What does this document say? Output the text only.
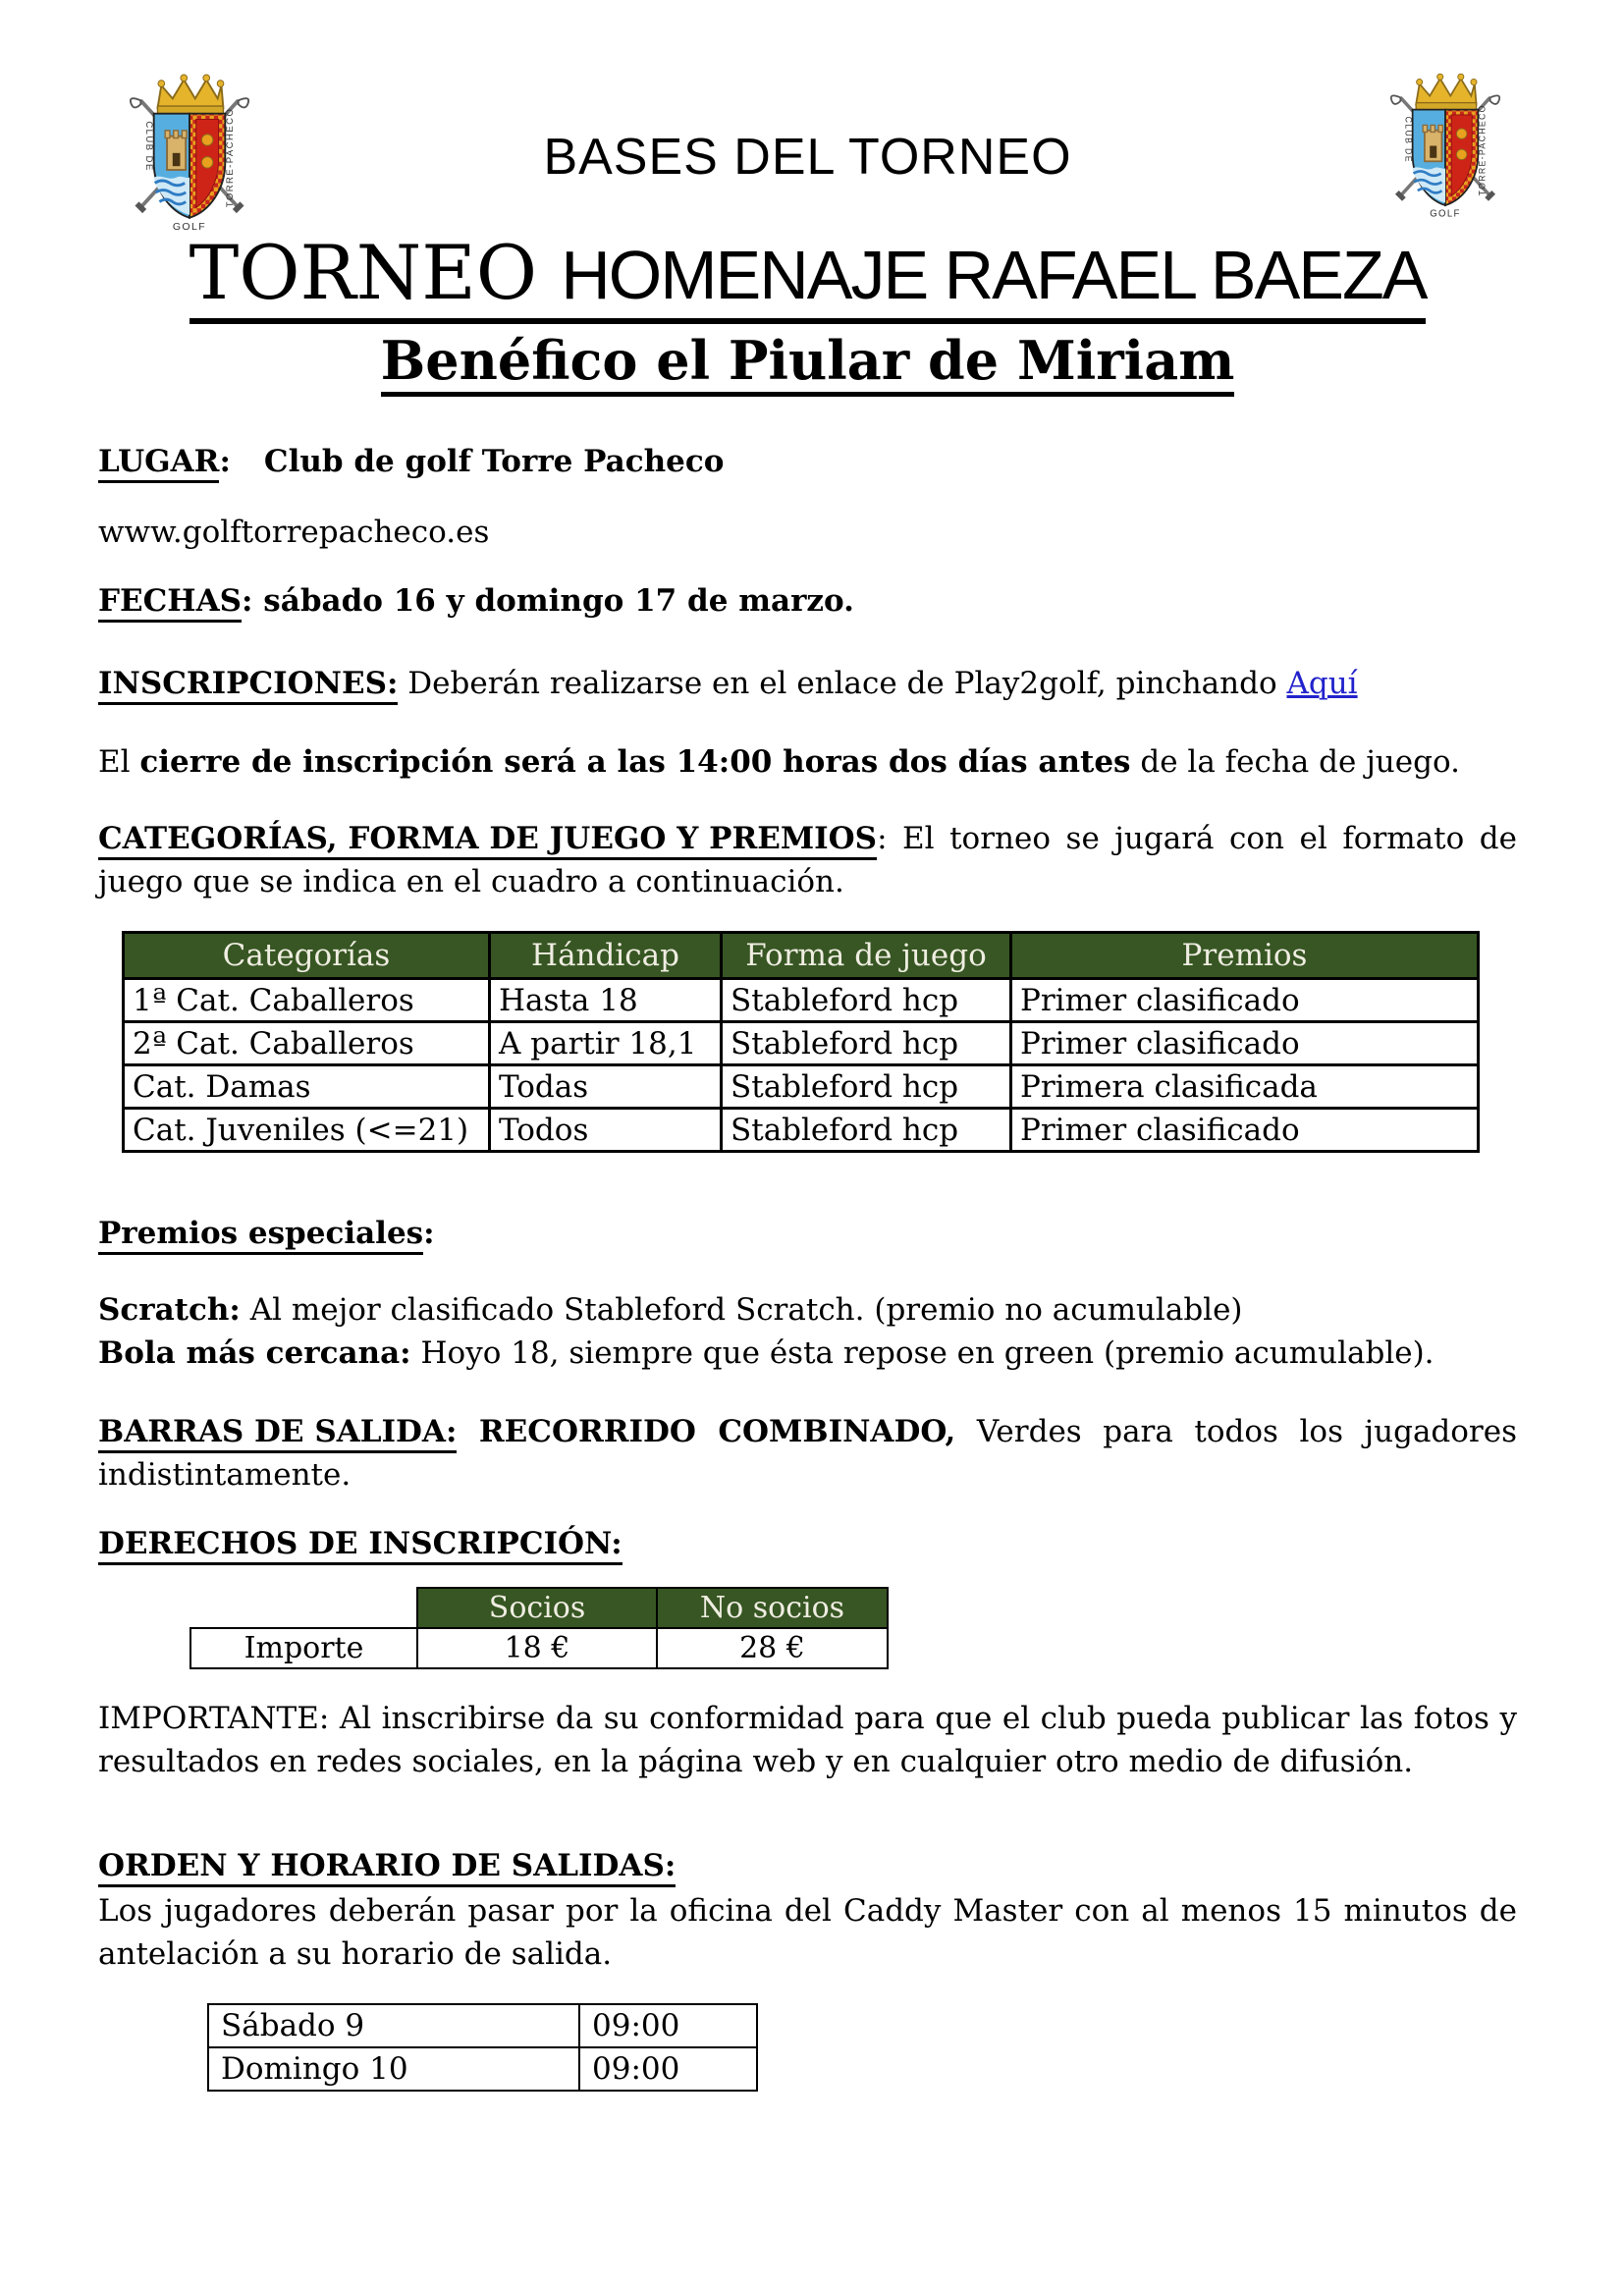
CLUB DE	TORRE-PACHECO
GOLF
CLUB DE	TORRE-PACHECO
GOLF
BASES DEL TORNEO
TORNEO HOMENAJE RAFAEL BAEZA
Benéfico el Piular de Miriam
LUGAR: Club de golf Torre Pacheco
www.golftorrepacheco.es
FECHAS: sábado 16 y domingo 17 de marzo.
INSCRIPCIONES: Deberán realizarse en el enlace de Play2golf, pinchando Aquí
El cierre de inscripción será a las 14:00 horas dos días antes de la fecha de juego.
CATEGORÍAS, FORMA DE JUEGO Y PREMIOS: El torneo se jugará con el formato de juego que se indica en el cuadro a continuación.
Categorías	Hándicap	Forma de juego	Premios
1ª Cat. Caballeros	Hasta 18	Stableford hcp	Primer clasificado
2ª Cat. Caballeros	A partir 18,1	Stableford hcp	Primer clasificado
Cat. Damas	Todas	Stableford hcp	Primera clasificada
Cat. Juveniles (<=21)	Todos	Stableford hcp	Primer clasificado
Premios especiales:
Scratch: Al mejor clasificado Stableford Scratch. (premio no acumulable)
Bola más cercana: Hoyo 18, siempre que ésta repose en green (premio acumulable).
BARRAS DE SALIDA: RECORRIDO COMBINADO, Verdes para todos los jugadores indistintamente.
DERECHOS DE INSCRIPCIÓN:
	Socios	No socios
Importe	18 €	28 €
IMPORTANTE: Al inscribirse da su conformidad para que el club pueda publicar las fotos y resultados en redes sociales, en la página web y en cualquier otro medio de difusión.
ORDEN Y HORARIO DE SALIDAS:
Los jugadores deberán pasar por la oficina del Caddy Master con al menos 15 minutos de antelación a su horario de salida.
Sábado 9	09:00
Domingo 10	09:00
